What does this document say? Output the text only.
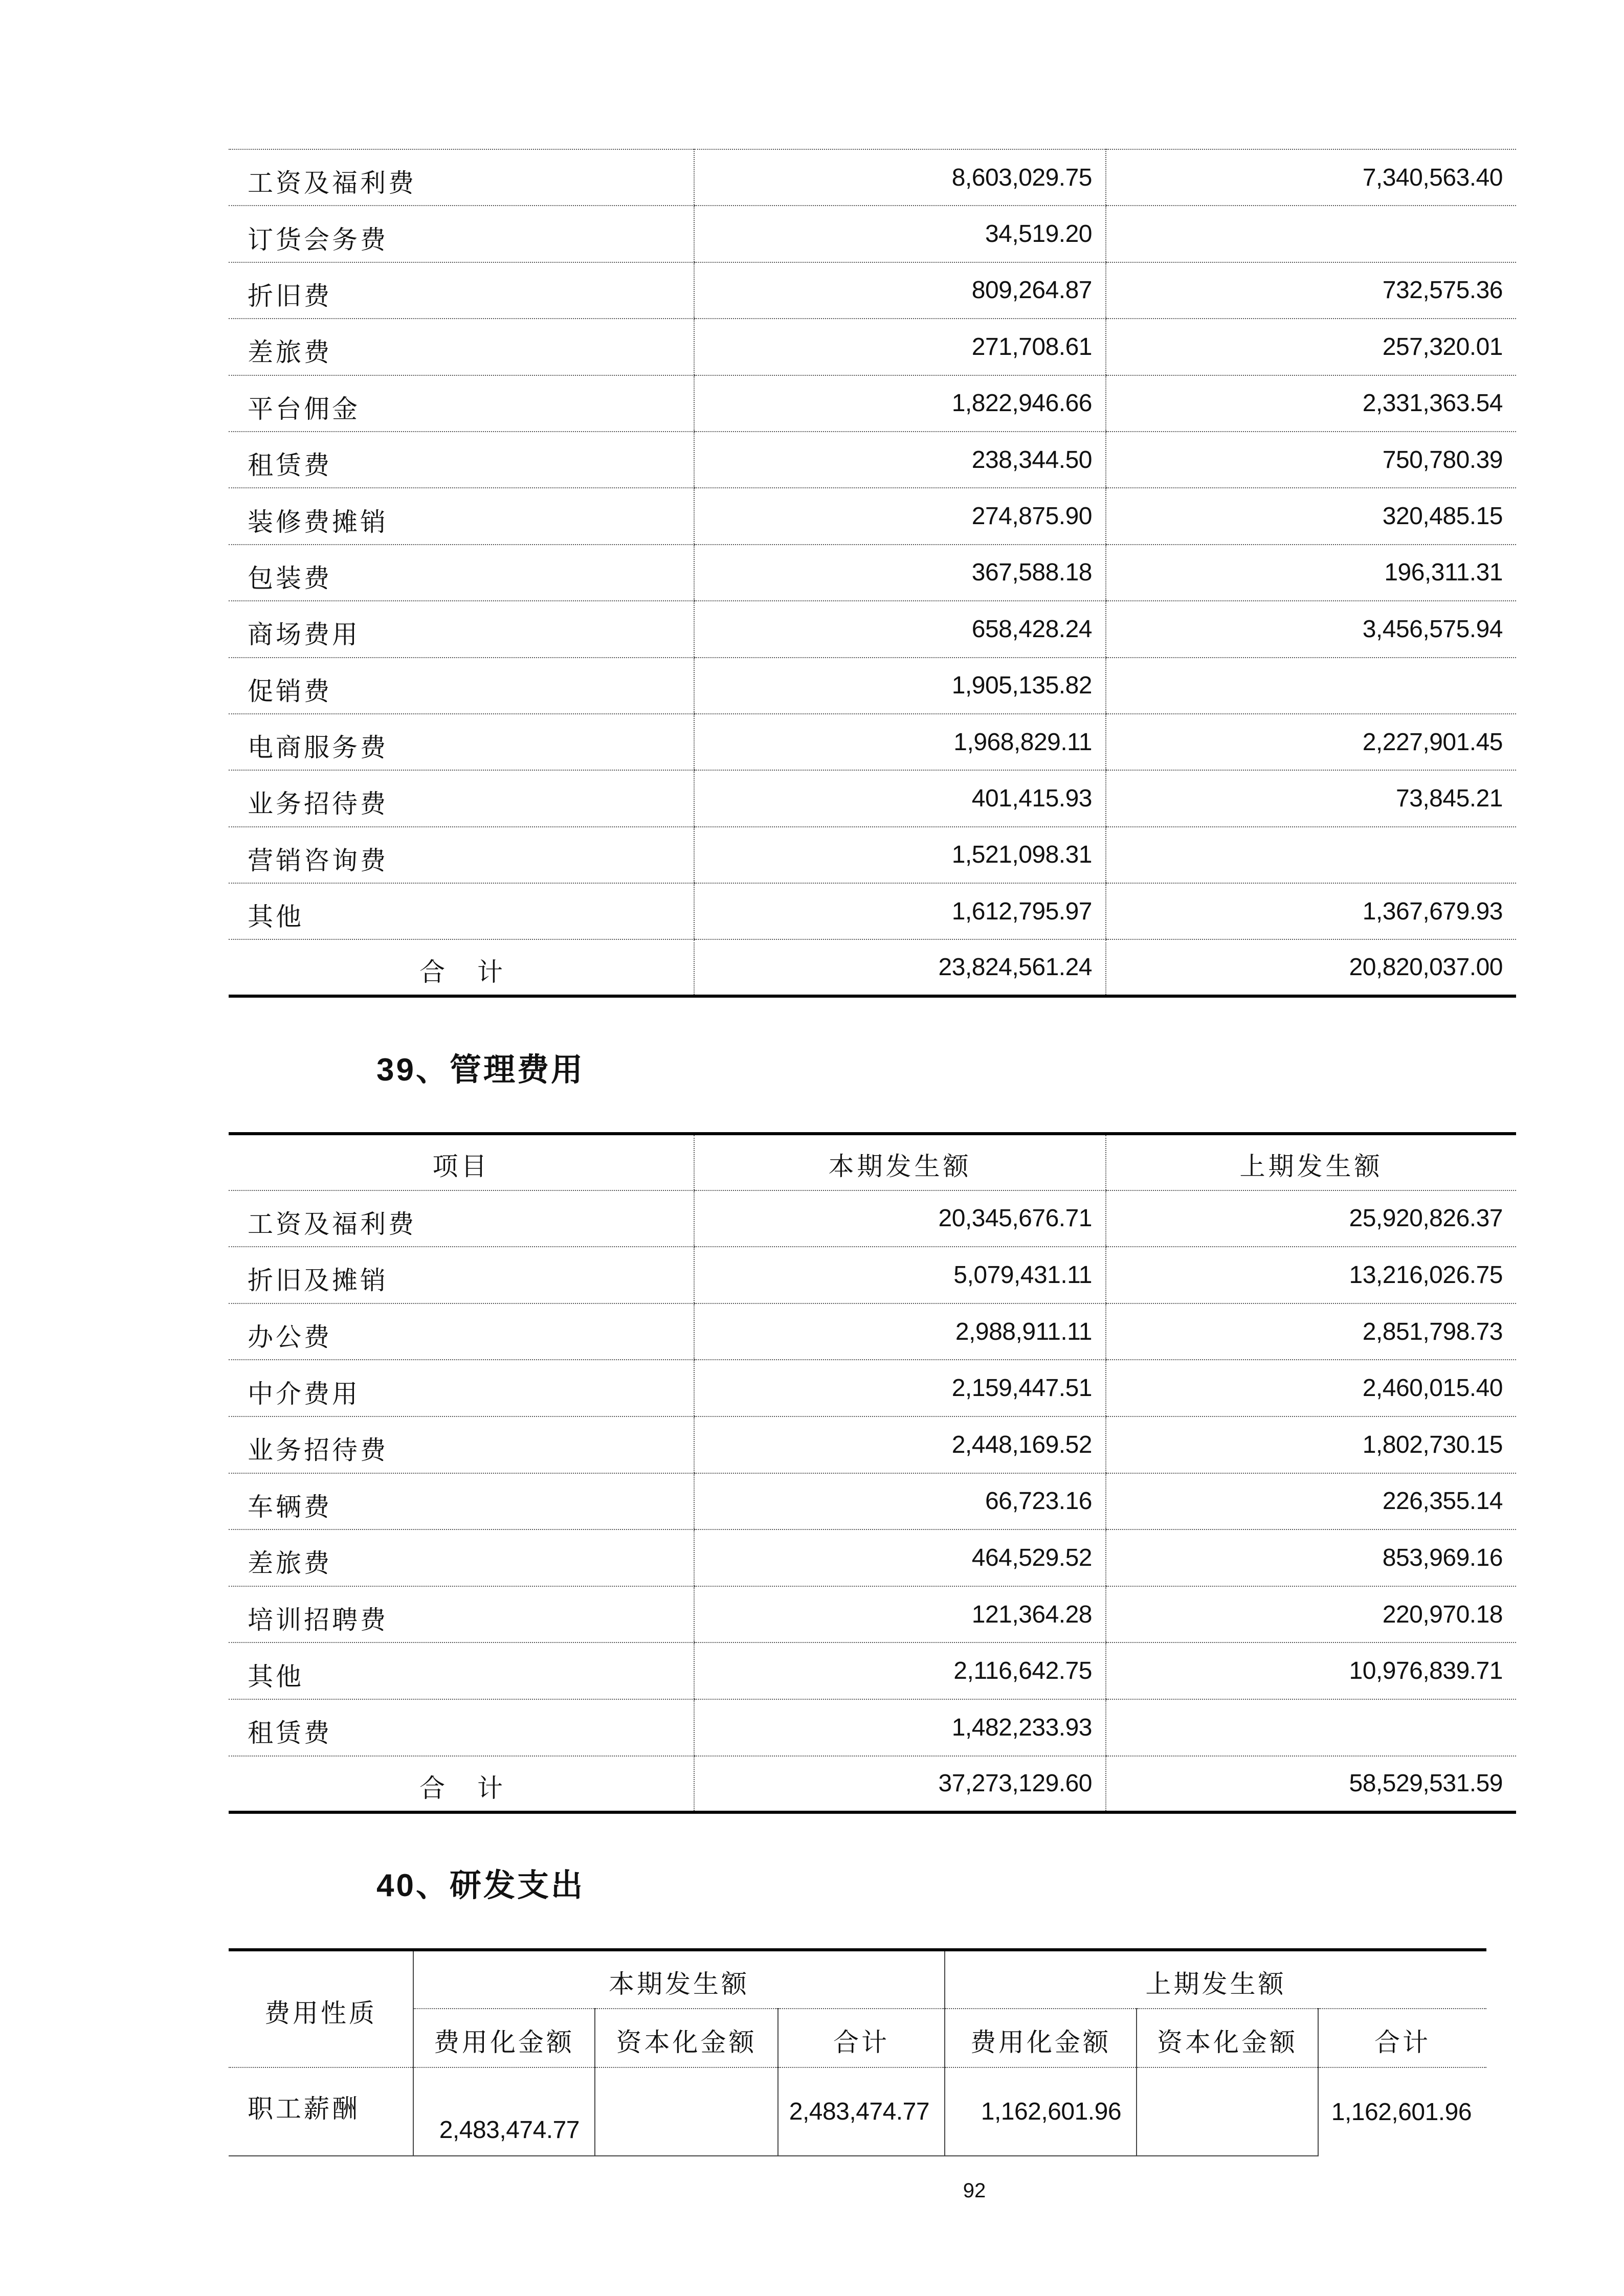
工资及福利费	8,603,029.75	7,340,563.40
订货会务费	34,519.20	
折旧费	809,264.87	732,575.36
差旅费	271,708.61	257,320.01
平台佣金	1,822,946.66	2,331,363.54
租赁费	238,344.50	750,780.39
装修费摊销	274,875.90	320,485.15
包装费	367,588.18	196,311.31
商场费用	658,428.24	3,456,575.94
促销费	1,905,135.82	
电商服务费	1,968,829.11	2,227,901.45
业务招待费	401,415.93	73,845.21
营销咨询费	1,521,098.31	
其他	1,612,795.97	1,367,679.93
合 计	23,824,561.24	20,820,037.00
39、管理费用
项目	本期发生额	上期发生额
工资及福利费	20,345,676.71	25,920,826.37
折旧及摊销	5,079,431.11	13,216,026.75
办公费	2,988,911.11	2,851,798.73
中介费用	2,159,447.51	2,460,015.40
业务招待费	2,448,169.52	1,802,730.15
车辆费	66,723.16	226,355.14
差旅费	464,529.52	853,969.16
培训招聘费	121,364.28	220,970.18
其他	2,116,642.75	10,976,839.71
租赁费	1,482,233.93	
合 计	37,273,129.60	58,529,531.59
40、研发支出
费用性质	本期发生额			上期发生额		
	费用化金额	资本化金额	合计	费用化金额	资本化金额	合计
职工薪酬	2,483,474.77		2,483,474.77	1,162,601.96		1,162,601.96
92
